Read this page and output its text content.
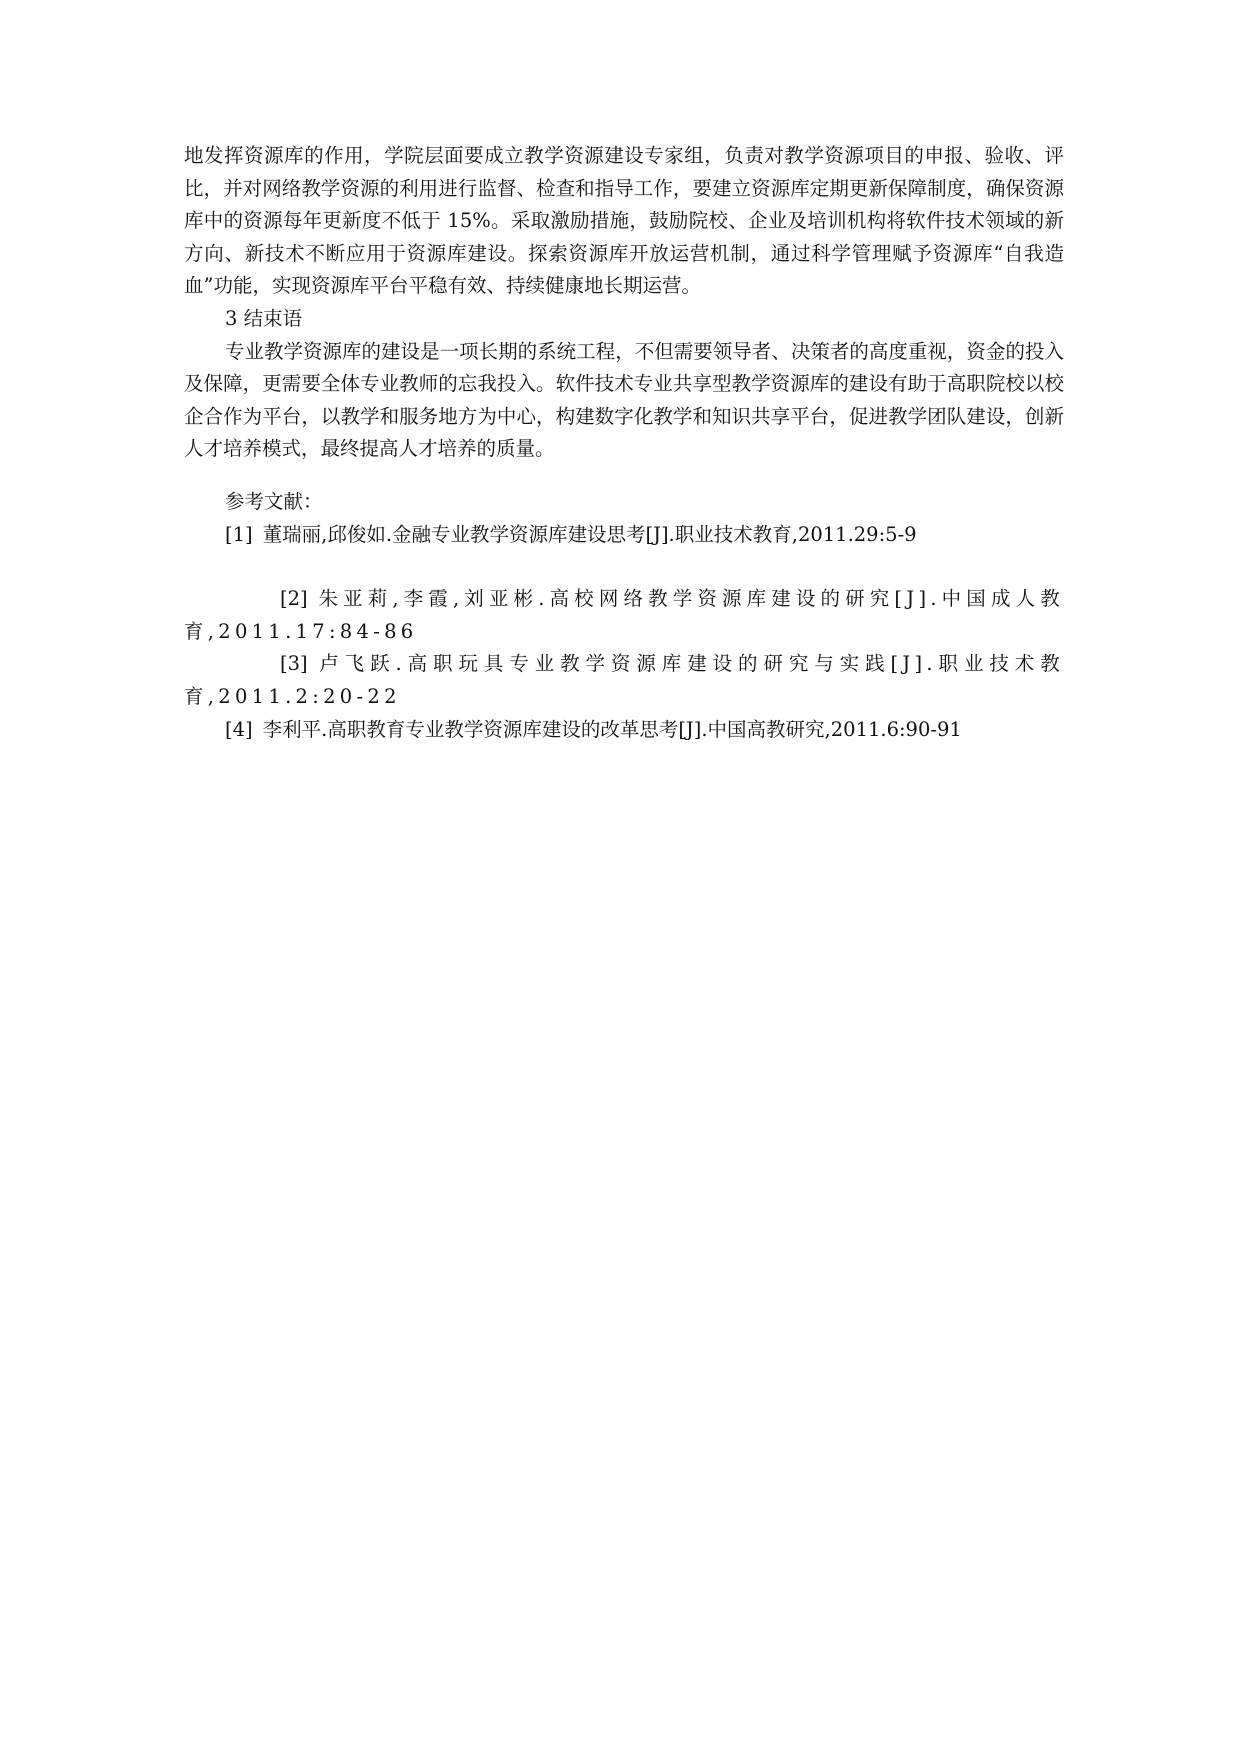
地发挥资源库的作用，学院层面要成立教学资源建设专家组，负责对教学资源项目的申报、验收、评比，并对网络教学资源的利用进行监督、检查和指导工作，要建立资源库定期更新保障制度，确保资源库中的资源每年更新度不低于 15%。采取激励措施，鼓励院校、企业及培训机构将软件技术领域的新方向、新技术不断应用于资源库建设。探索资源库开放运营机制，通过科学管理赋予资源库“自我造血”功能，实现资源库平台平稳有效、持续健康地长期运营。

3 结束语

专业教学资源库的建设是一项长期的系统工程，不但需要领导者、决策者的高度重视，资金的投入及保障，更需要全体专业教师的忘我投入。软件技术专业共享型教学资源库的建设有助于高职院校以校企合作为平台，以教学和服务地方为中心，构建数字化教学和知识共享平台，促进教学团队建设，创新人才培养模式，最终提高人才培养的质量。

参考文献：

[1] 董瑞丽,邱俊如.金融专业教学资源库建设思考[J].职业技术教育,2011.29:5-9
[2] 朱亚莉,李霞,刘亚彬.高校网络教学资源库建设的研究[J].中国成人教育,2011.17:84-86
[3] 卢飞跃.高职玩具专业教学资源库建设的研究与实践[J].职业技术教育,2011.2:20-22
[4] 李利平.高职教育专业教学资源库建设的改革思考[J].中国高教研究,2011.6:90-91
